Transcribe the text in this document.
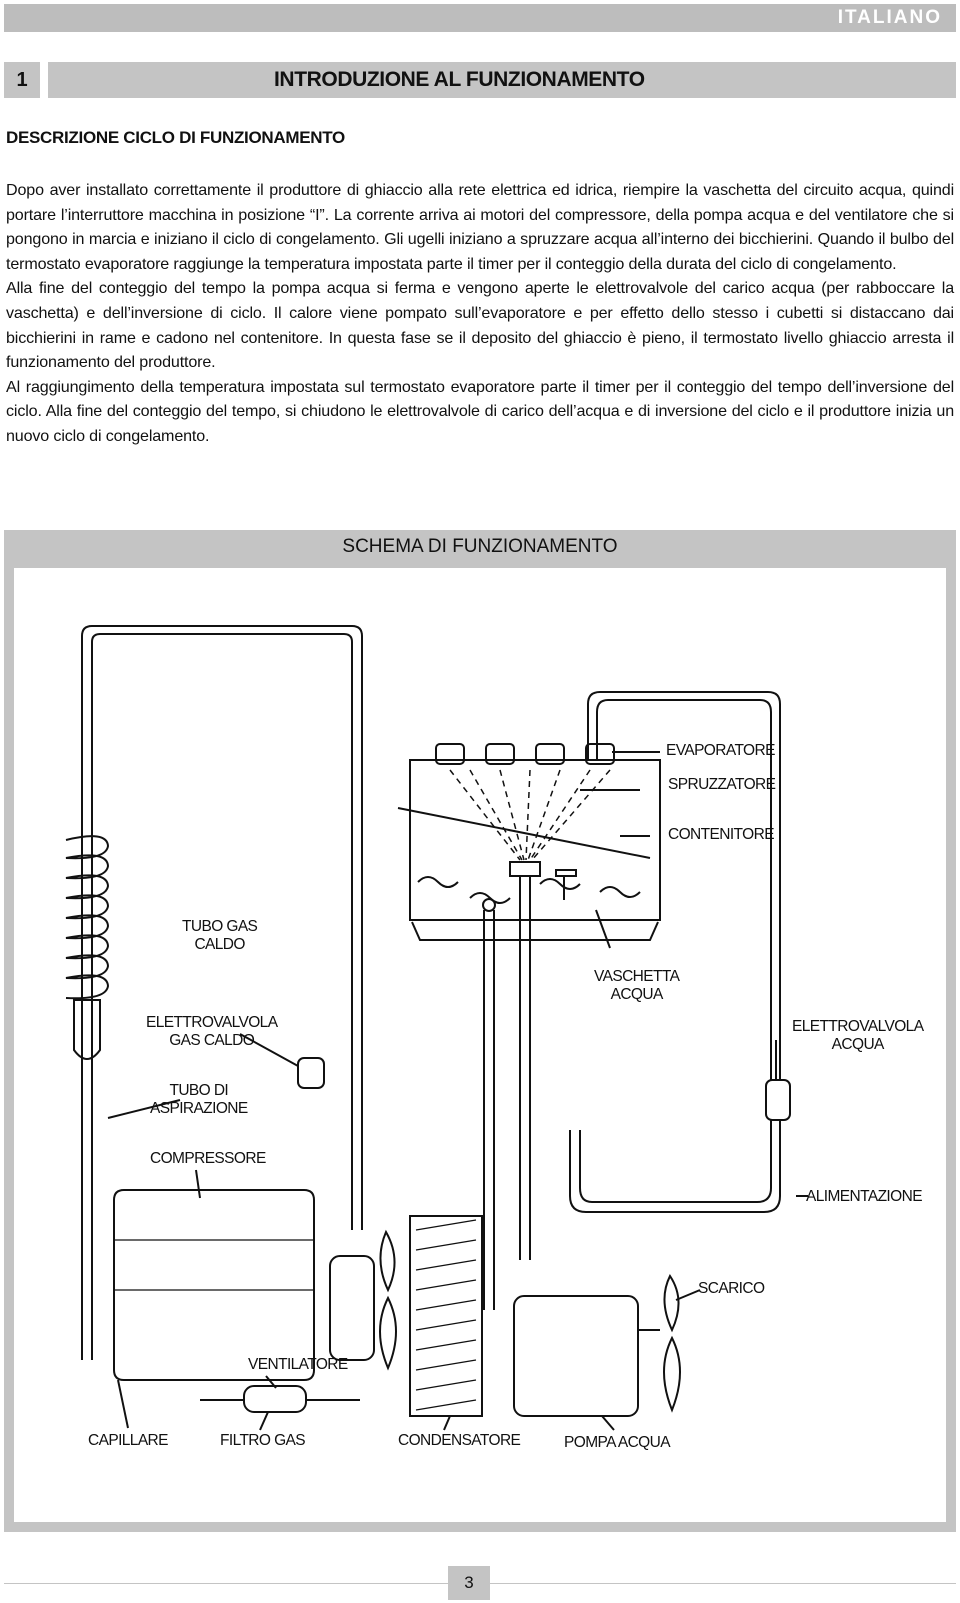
ITALIANO
1	INTRODUZIONE AL FUNZIONAMENTO
DESCRIZIONE CICLO DI FUNZIONAMENTO
Dopo aver installato correttamente il produttore di ghiaccio alla rete elettrica ed idrica, riempire la vaschetta del circuito acqua, quindi portare l’interruttore macchina in posizione “I”. La corrente arriva ai motori del compressore, della pompa acqua e del ventilatore che si pongono in marcia e iniziano il ciclo di congelamento. Gli ugelli iniziano a spruzzare acqua all’interno dei bicchierini. Quando il bulbo del termostato evaporatore raggiunge la temperatura impostata parte il timer per il conteggio della durata del ciclo di congelamento.
Alla fine del conteggio del tempo la pompa acqua si ferma e vengono aperte le elettrovalvole del carico acqua (per rabboccare la vaschetta) e dell’inversione di ciclo. Il calore viene pompato sull’evaporatore e per effetto dello stesso i cubetti si distaccano dai bicchierini in rame e cadono nel contenitore. In questa fase se il deposito del ghiaccio è pieno, il termostato livello ghiaccio arresta il funzionamento del produttore.
Al raggiungimento della temperatura impostata sul termostato evaporatore parte il timer per il conteggio del tempo dell’inversione del ciclo. Alla fine del conteggio del tempo, si chiudono le elettrovalvole di carico dell’acqua e di inversione del ciclo e il produttore inizia un nuovo ciclo di congelamento.
SCHEMA DI FUNZIONAMENTO
EVAPORATORE
SPRUZZATORE
CONTENITORE
TUBO GAS
CALDO
VASCHETTA
ACQUA
ELETTROVALVOLA
GAS CALDO
ELETTROVALVOLA
ACQUA
TUBO DI
ASPIRAZIONE
COMPRESSORE
ALIMENTAZIONE
SCARICO
VENTILATORE
CAPILLARE	FILTRO GAS	CONDENSATORE	POMPA ACQUA
3
